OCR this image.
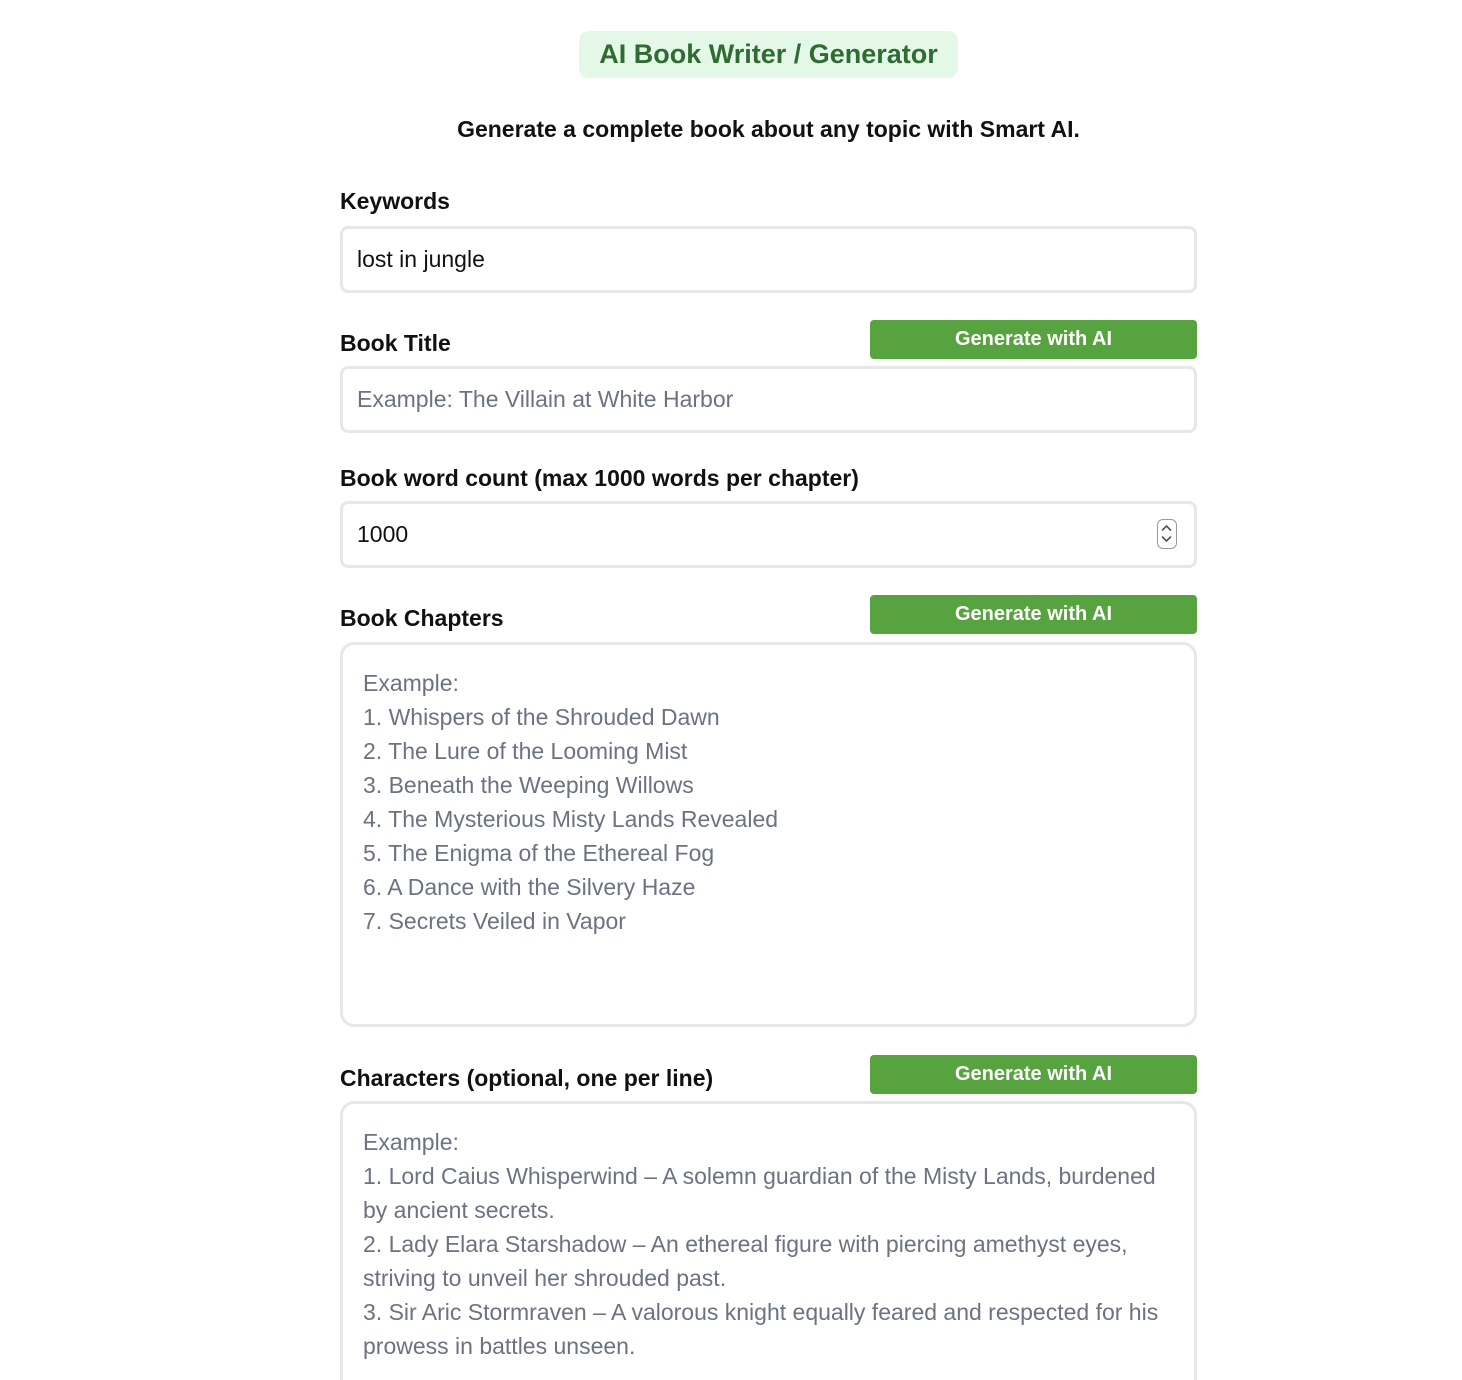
AI Book Writer / Generator
Generate a complete book about any topic with Smart AI.
Keywords
lost in jungle
Book Title	Generate with AI
Example: The Villain at White Harbor
Book word count (max 1000 words per chapter)
1000
Book Chapters	Generate with AI
Example:
1. Whispers of the Shrouded Dawn
2. The Lure of the Looming Mist
3. Beneath the Weeping Willows
4. The Mysterious Misty Lands Revealed
5. The Enigma of the Ethereal Fog
6. A Dance with the Silvery Haze
7. Secrets Veiled in Vapor
Characters (optional, one per line)	Generate with AI
Example:
1. Lord Caius Whisperwind – A solemn guardian of the Misty Lands, burdened by ancient secrets.
2. Lady Elara Starshadow – An ethereal figure with piercing amethyst eyes, striving to unveil her shrouded past.
3. Sir Aric Stormraven – A valorous knight equally feared and respected for his prowess in battles unseen.
